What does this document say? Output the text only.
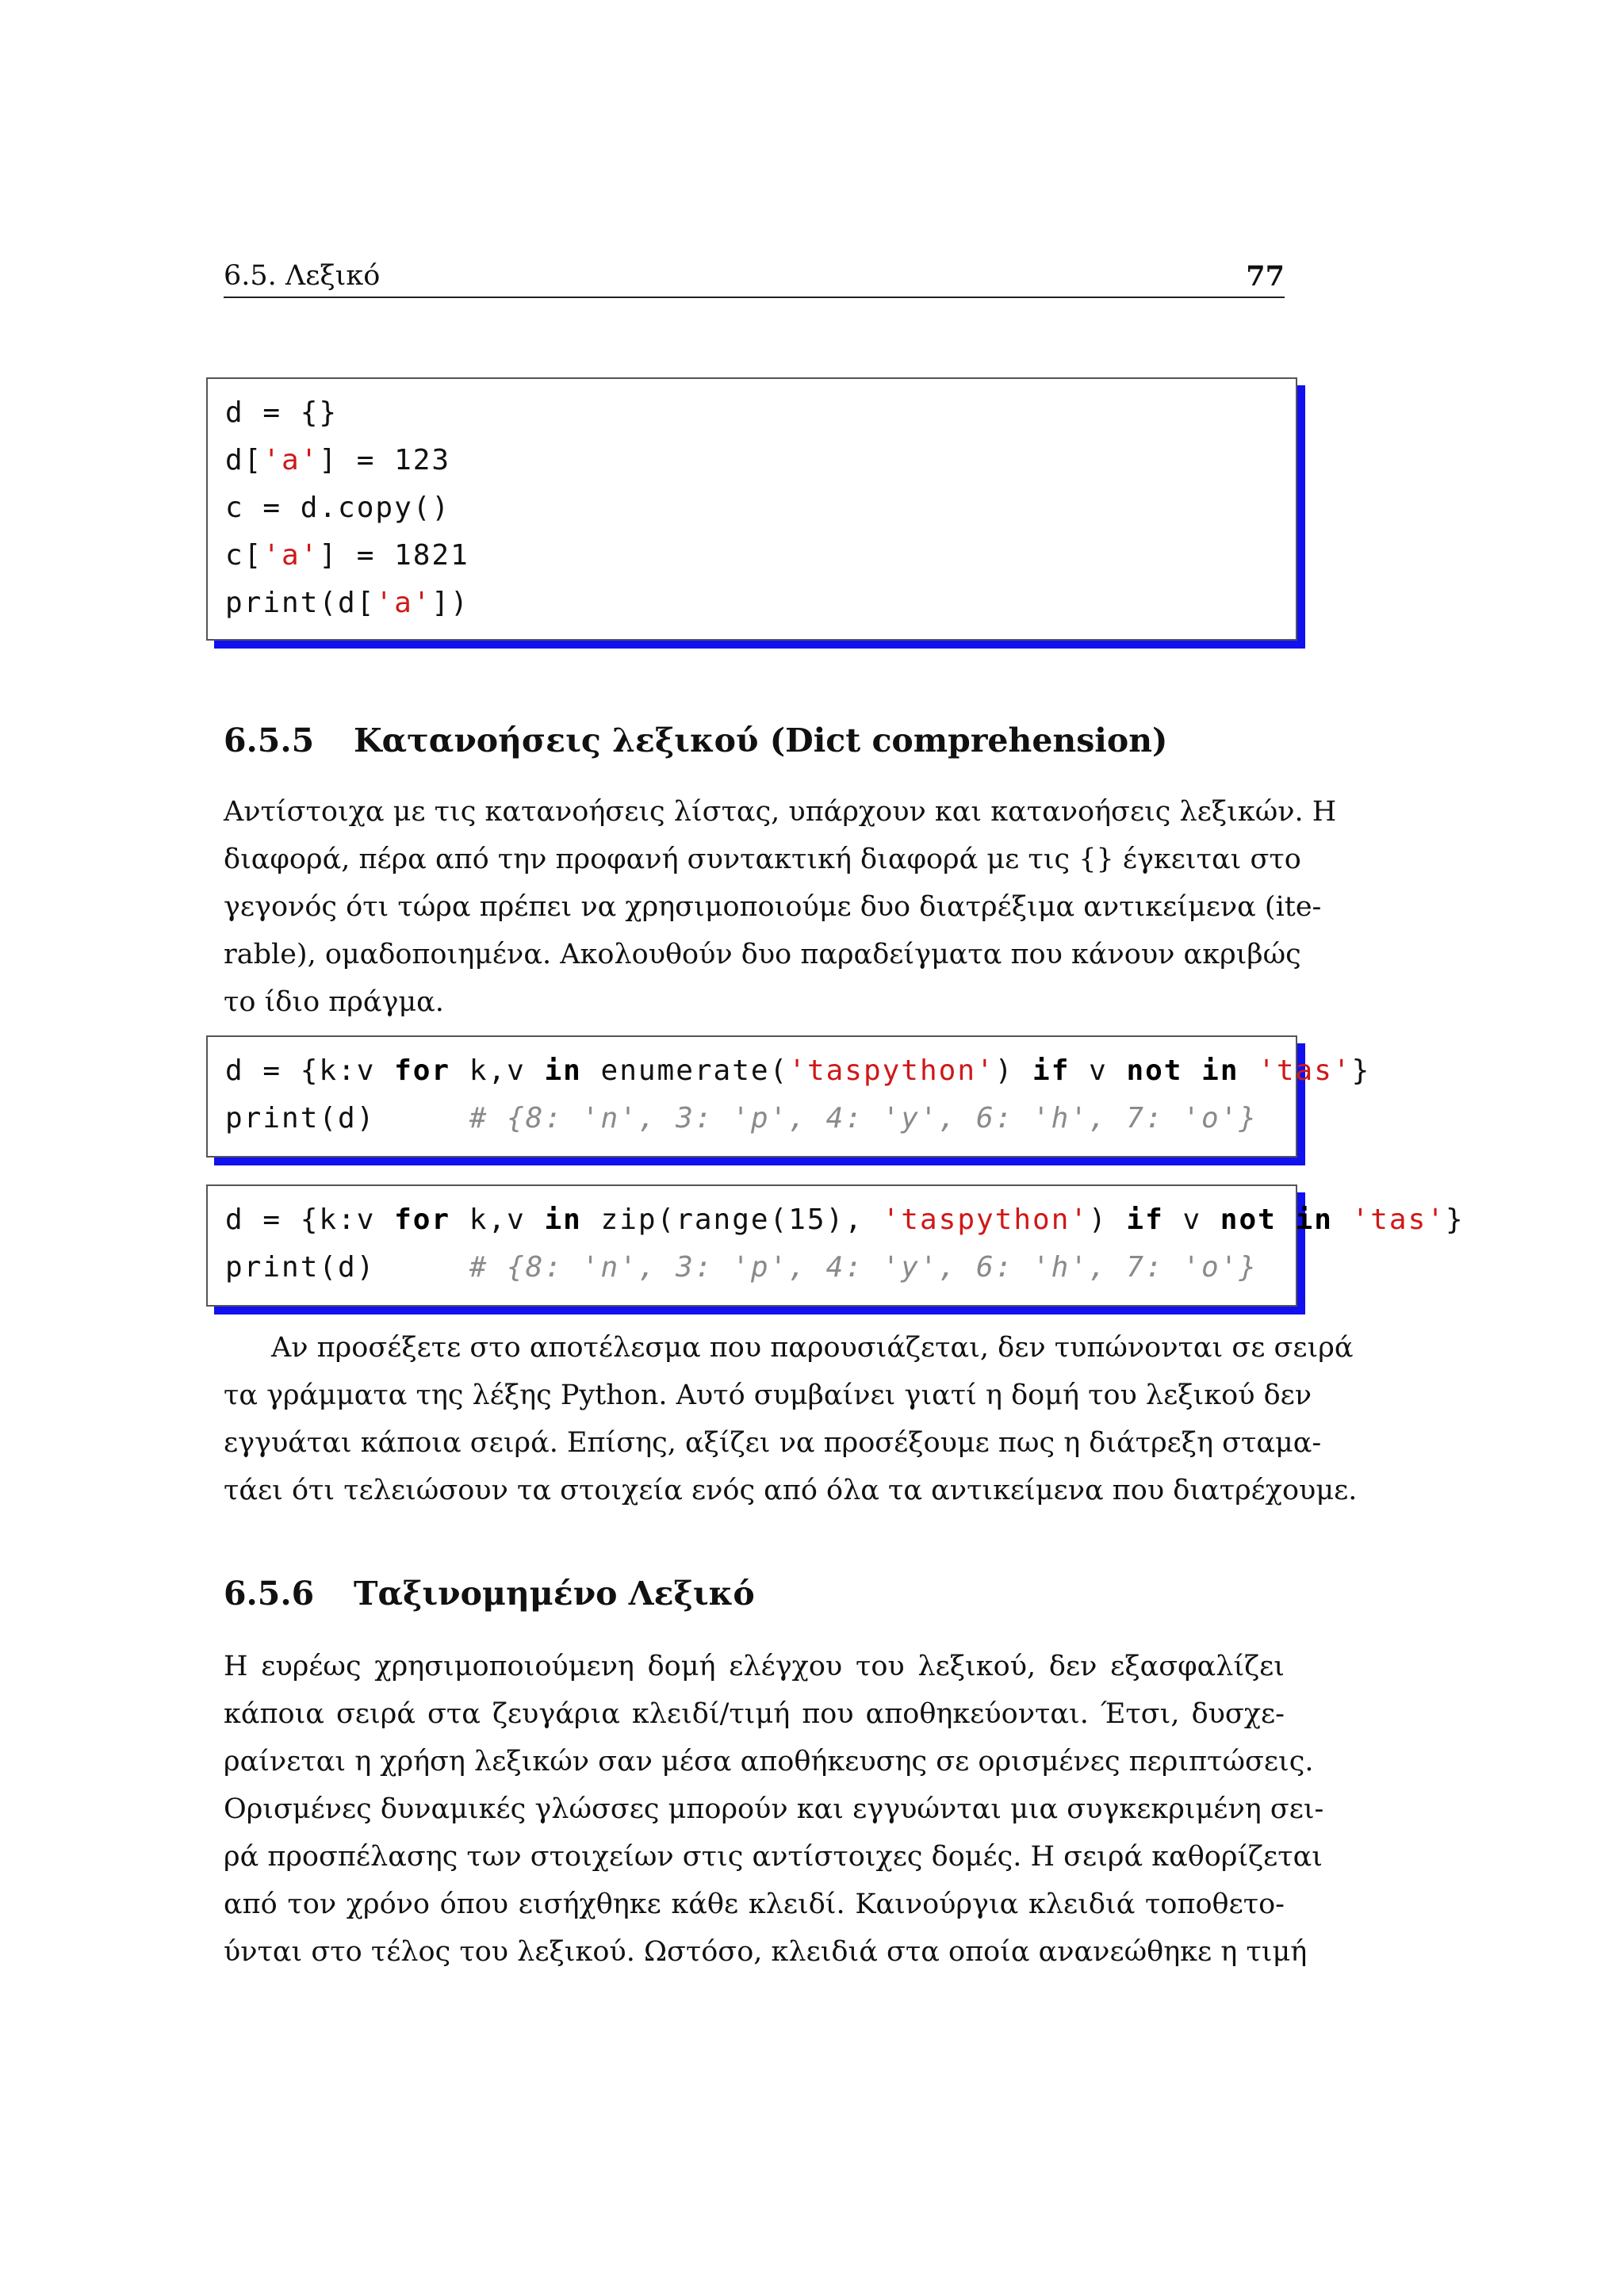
6.5. Λεξικό	77
d = {}
d['a'] = 123
c = d.copy()
c['a'] = 1821
print(d['a'])
6.5.5 Κατανοήσεις λεξικού (Dict comprehension)
Αντίστοιχα με τις κατανοήσεις λίστας, υπάρχουν και κατανοήσεις λεξικών. Η
διαφορά, πέρα από την προφανή συντακτική διαφορά με τις {} έγκειται στο
γεγονός ότι τώρα πρέπει να χρησιμοποιούμε δυο διατρέξιμα αντικείμενα (ite-
rable), ομαδοποιημένα. Ακολουθούν δυο παραδείγματα που κάνουν ακριβώς
το ίδιο πράγμα.
d = {k:v for k,v in enumerate('taspython') if v not in 'tas'}
print(d)     # {8: 'n', 3: 'p', 4: 'y', 6: 'h', 7: 'o'}
d = {k:v for k,v in zip(range(15), 'taspython') if v not in 'tas'}
print(d)     # {8: 'n', 3: 'p', 4: 'y', 6: 'h', 7: 'o'}
Αν προσέξετε στο αποτέλεσμα που παρουσιάζεται, δεν τυπώνονται σε σειρά
τα γράμματα της λέξης Python. Αυτό συμβαίνει γιατί η δομή του λεξικού δεν
εγγυάται κάποια σειρά. Επίσης, αξίζει να προσέξουμε πως η διάτρεξη σταμα-
τάει ότι τελειώσουν τα στοιχεία ενός από όλα τα αντικείμενα που διατρέχουμε.
6.5.6 Ταξινομημένο Λεξικό
Η ευρέως χρησιμοποιούμενη δομή ελέγχου του λεξικού, δεν εξασφαλίζει
κάποια σειρά στα ζευγάρια κλειδί/τιμή που αποθηκεύονται. Έτσι, δυσχε-
ραίνεται η χρήση λεξικών σαν μέσα αποθήκευσης σε ορισμένες περιπτώσεις.
Ορισμένες δυναμικές γλώσσες μπορούν και εγγυώνται μια συγκεκριμένη σει-
ρά προσπέλασης των στοιχείων στις αντίστοιχες δομές. Η σειρά καθορίζεται
από τον χρόνο όπου εισήχθηκε κάθε κλειδί. Καινούργια κλειδιά τοποθετο-
ύνται στο τέλος του λεξικού. Ωστόσο, κλειδιά στα οποία ανανεώθηκε η τιμή
